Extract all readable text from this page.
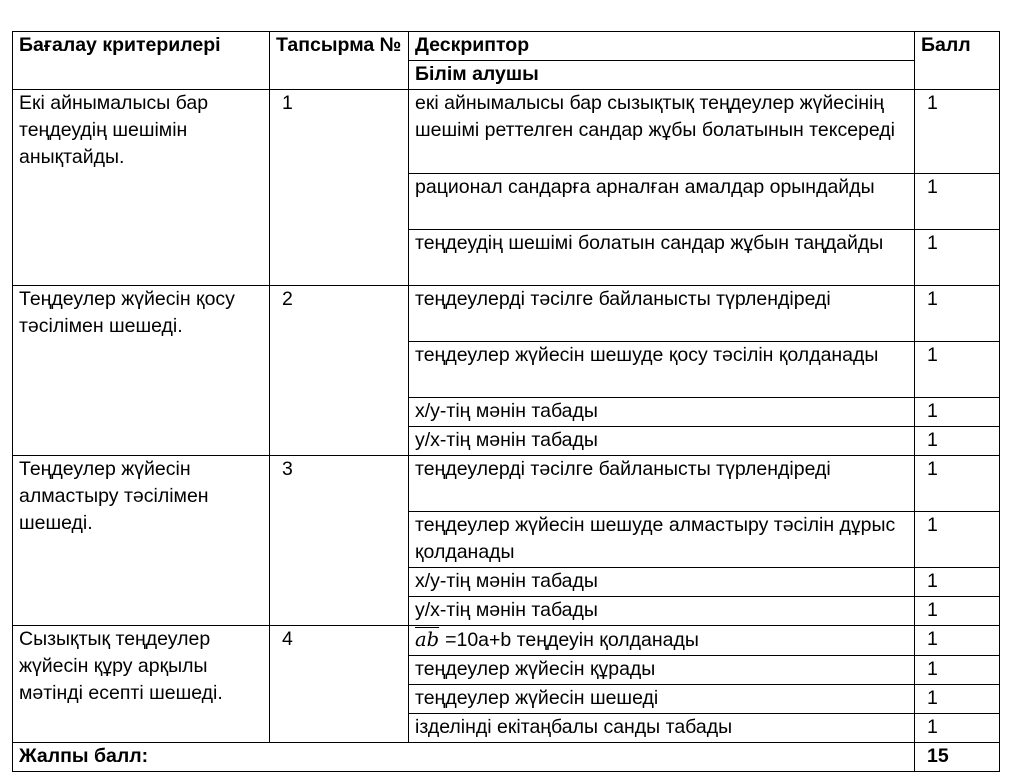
Бағалау критерилері	Тапсырма №	Дескриптор	Балл
		Білім алушы	
Екі айнымалысы бар теңдеудің шешімін анықтайды.	1	екі айнымалысы бар сызықтық теңдеулер жүйесінің шешімі реттелген сандар жұбы болатынын тексереді	1
		рационал сандарға арналған амалдар орындайды	1
		теңдеудің шешімі болатын сандар жұбын таңдайды	1
Теңдеулер жүйесін қосу тәсілімен шешеді.	2	теңдеулерді тәсілге байланысты түрлендіреді	1
		теңдеулер жүйесін шешуде қосу тәсілін қолданады	1
		x/y-тің мәнін табады	1
		y/x-тің мәнін табады	1
Теңдеулер жүйесін алмастыру тәсілімен шешеді.	3	теңдеулерді тәсілге байланысты түрлендіреді	1
		теңдеулер жүйесін шешуде алмастыру тәсілін дұрыс қолданады	1
		x/y-тің мәнін табады	1
		y/x-тің мәнін табады	1
Сызықтық теңдеулер жүйесін құру арқылы мәтінді есепті шешеді.	4	$\overline{ab} =10a+b$ теңдеуін қолданады	1
		теңдеулер жүйесін құрады	1
		теңдеулер жүйесін шешеді	1
		ізделінді екітаңбалы санды табады	1
Жалпы балл:			15
